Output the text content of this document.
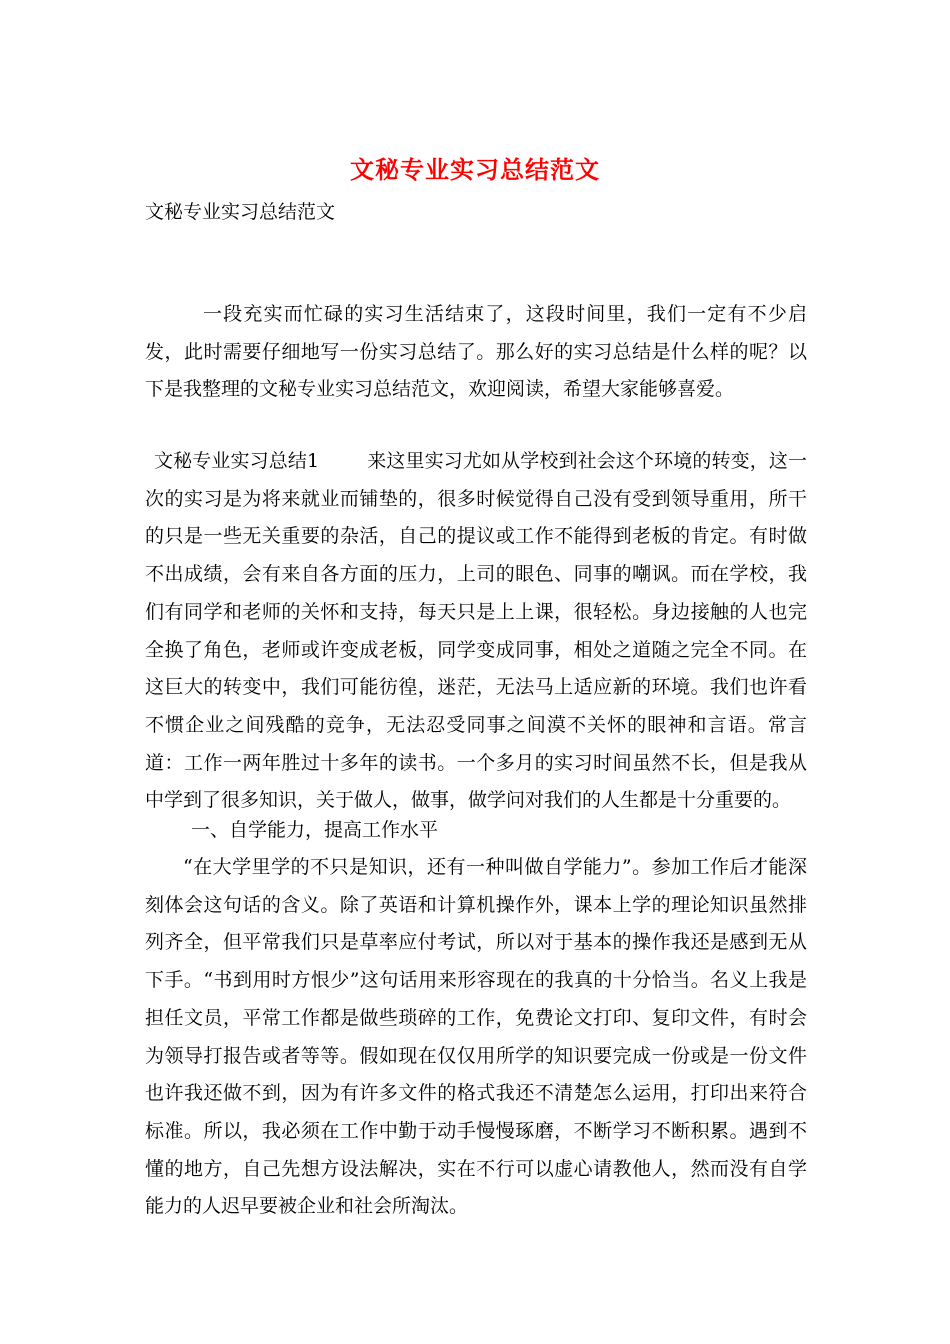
文秘专业实习总结范文
文秘专业实习总结范文

一段充实而忙碌的实习生活结束了，这段时间里，我们一定有不少启发，此时需要仔细地写一份实习总结了。那么好的实习总结是什么样的呢？以下是我整理的文秘专业实习总结范文，欢迎阅读，希望大家能够喜爱。

文秘专业实习总结1	来这里实习尤如从学校到社会这个环境的转变，这一次的实习是为将来就业而铺垫的，很多时候觉得自己没有受到领导重用，所干的只是一些无关重要的杂活，自己的提议或工作不能得到老板的肯定。有时做不出成绩，会有来自各方面的压力，上司的眼色、同事的嘲讽。而在学校，我们有同学和老师的关怀和支持，每天只是上上课，很轻松。身边接触的人也完全换了角色，老师或许变成老板，同学变成同事，相处之道随之完全不同。在这巨大的转变中，我们可能彷徨，迷茫，无法马上适应新的环境。我们也许看不惯企业之间残酷的竞争，无法忍受同事之间漠不关怀的眼神和言语。常言道：工作一两年胜过十多年的读书。一个多月的实习时间虽然不长，但是我从中学到了很多知识，关于做人，做事，做学问对我们的人生都是十分重要的。

一、自学能力，提高工作水平

“在大学里学的不只是知识，还有一种叫做自学能力”。参加工作后才能深刻体会这句话的含义。除了英语和计算机操作外，课本上学的理论知识虽然排列齐全，但平常我们只是草率应付考试，所以对于基本的操作我还是感到无从下手。“书到用时方恨少”这句话用来形容现在的我真的十分恰当。名义上我是担任文员，平常工作都是做些琐碎的工作，免费论文打印、复印文件，有时会为领导打报告或者等等。假如现在仅仅用所学的知识要完成一份或是一份文件也许我还做不到，因为有许多文件的格式我还不清楚怎么运用，打印出来符合标准。所以，我必须在工作中勤于动手慢慢琢磨，不断学习不断积累。遇到不懂的地方，自己先想方设法解决，实在不行可以虚心请教他人，然而没有自学能力的人迟早要被企业和社会所淘汰。
